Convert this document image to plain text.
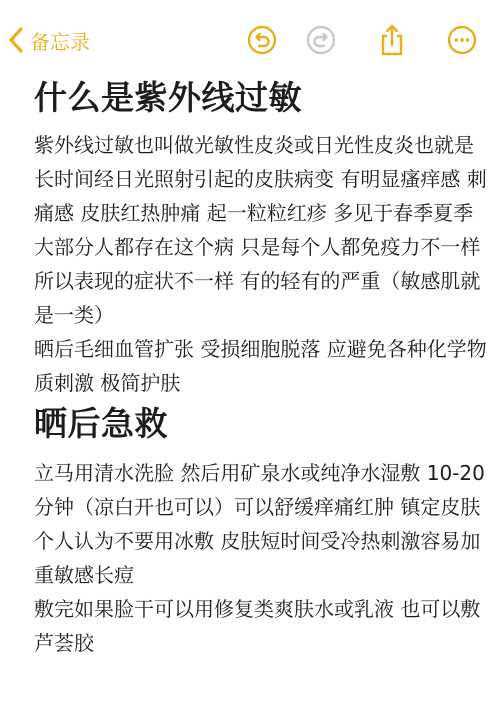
备忘录
什么是紫外线过敏

紫外线过敏也叫做光敏性皮炎或日光性皮炎也就是长时间经日光照射引起的皮肤病变 有明显瘙痒感 刺痛感 皮肤红热肿痛 起一粒粒红疹 多见于春季夏季

大部分人都存在这个病 只是每个人都免疫力不一样所以表现的症状不一样 有的轻有的严重（敏感肌就是一类）

晒后毛细血管扩张 受损细胞脱落 应避免各种化学物质刺激 极简护肤

晒后急救

立马用清水洗脸 然后用矿泉水或纯净水湿敷 10-20分钟（凉白开也可以）可以舒缓痒痛红肿 镇定皮肤

个人认为不要用冰敷 皮肤短时间受冷热刺激容易加重敏感长痘

敷完如果脸干可以用修复类爽肤水或乳液 也可以敷芦荟胶
